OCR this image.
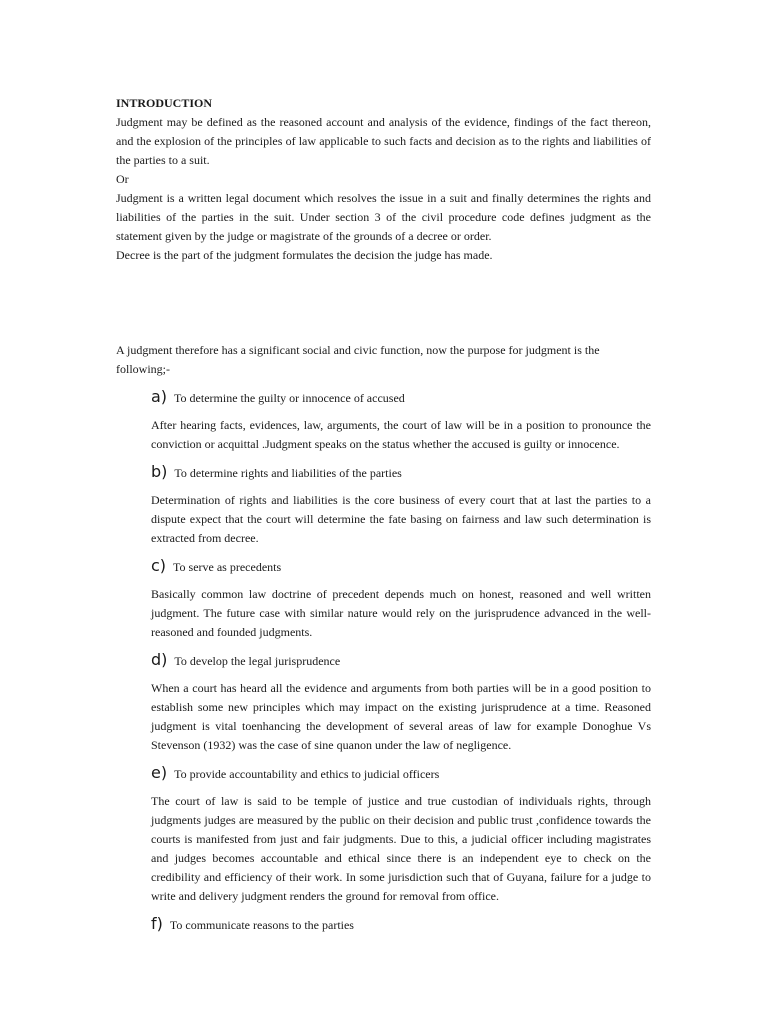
INTRODUCTION

Judgment may be defined as the reasoned account and analysis of the evidence, findings of the fact thereon, and the explosion of the principles of law applicable to such facts and decision as to the rights and liabilities of the parties to a suit.

Or

Judgment is a written legal document which resolves the issue in a suit and finally determines the rights and liabilities of the parties in the suit. Under section 3 of the civil procedure code defines judgment as the statement given by the judge or magistrate of the grounds of a decree or order.

Decree is the part of the judgment formulates the decision the judge has made.

A judgment therefore has a significant social and civic function, now the purpose for judgment is the following;-

a) To determine the guilty or innocence of accused

After hearing facts, evidences, law, arguments, the court of law will be in a position to pronounce the conviction or acquittal .Judgment speaks on the status whether the accused is guilty or innocence.

b) To determine rights and liabilities of the parties

Determination of rights and liabilities is the core business of every court that at last the parties to a dispute expect that the court will determine the fate basing on fairness and law such determination is extracted from decree.

c) To serve as precedents

Basically common law doctrine of precedent depends much on honest, reasoned and well written judgment. The future case with similar nature would rely on the jurisprudence advanced in the well-reasoned and founded judgments.

d) To develop the legal jurisprudence

When a court has heard all the evidence and arguments from both parties will be in a good position to establish some new principles which may impact on the existing jurisprudence at a time. Reasoned judgment is vital toenhancing the development of several areas of law for example Donoghue Vs Stevenson (1932) was the case of sine quanon under the law of negligence.

e) To provide accountability and ethics to judicial officers

The court of law is said to be temple of justice and true custodian of individuals rights, through judgments judges are measured by the public on their decision and public trust ,confidence towards the courts is manifested from just and fair judgments. Due to this, a judicial officer including magistrates and judges becomes accountable and ethical since there is an independent eye to check on the credibility and efficiency of their work. In some jurisdiction such that of Guyana, failure for a judge to write and delivery judgment renders the ground for removal from office.

f) To communicate reasons to the parties
